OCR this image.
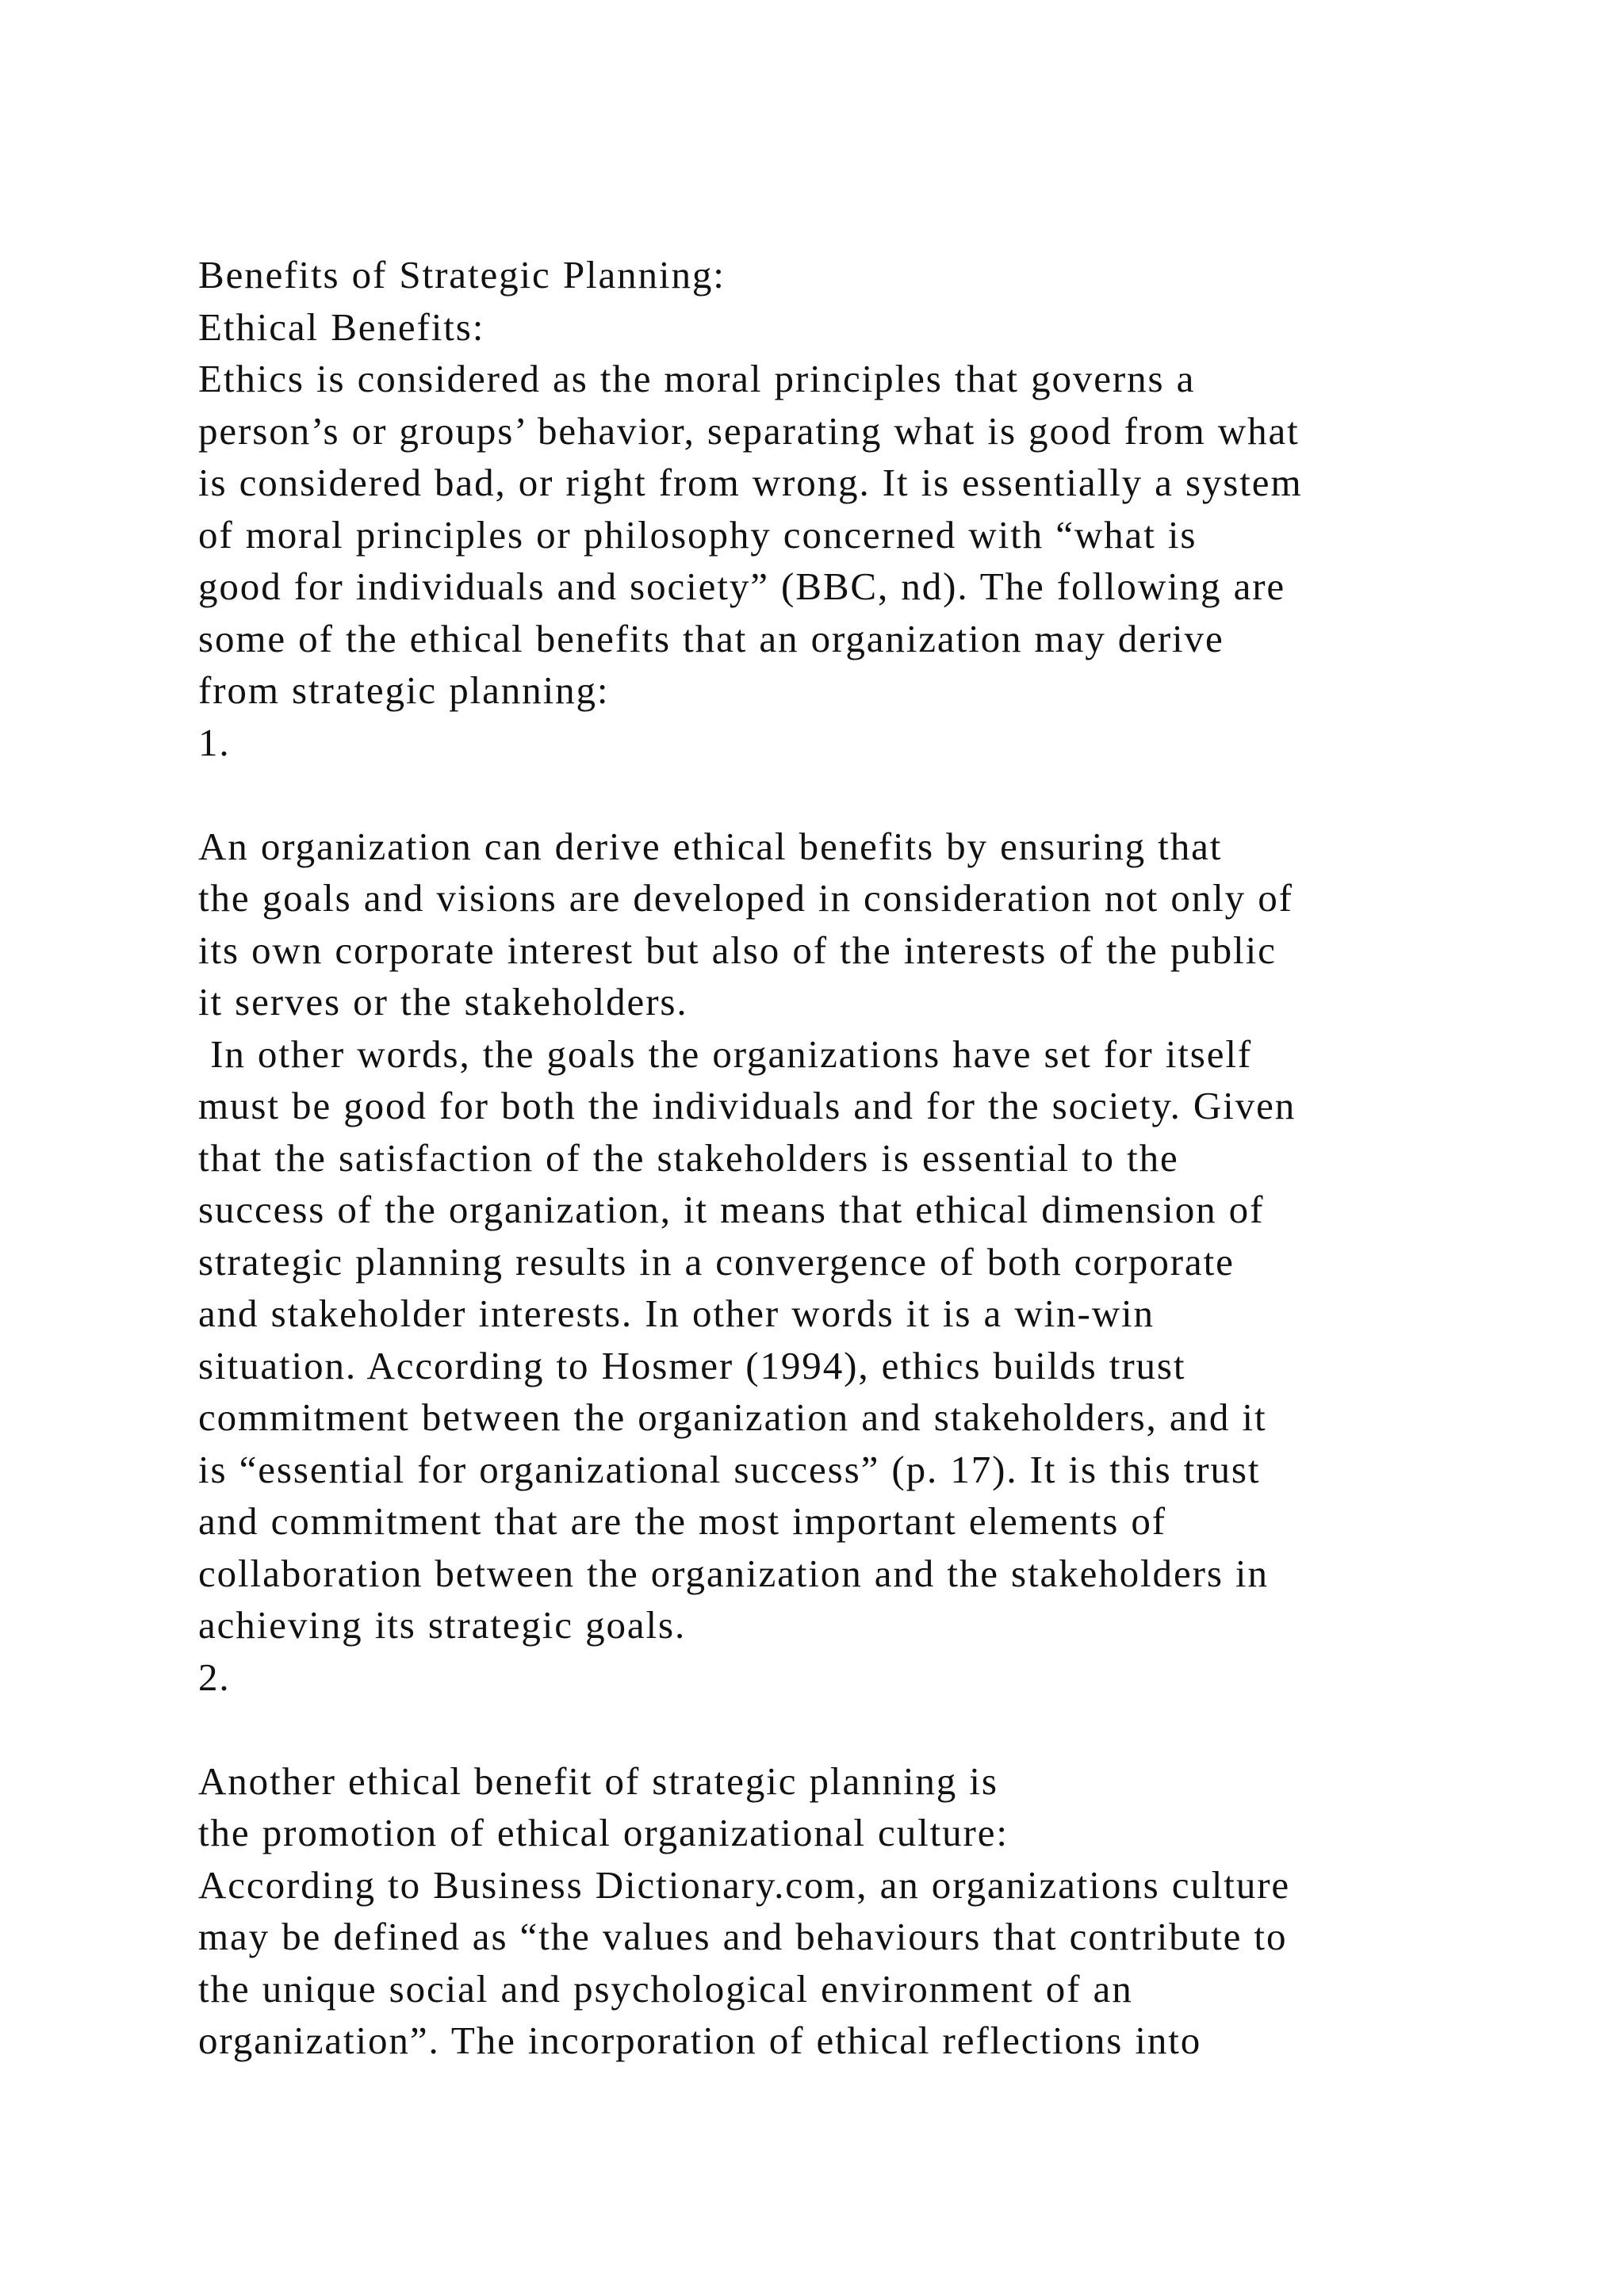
Benefits of Strategic Planning:
Ethical Benefits:
Ethics is considered as the moral principles that governs a
person’s or groups’ behavior, separating what is good from what
is considered bad, or right from wrong. It is essentially a system
of moral principles or philosophy concerned with “what is
good for individuals and society” (BBC, nd). The following are
some of the ethical benefits that an organization may derive
from strategic planning:
1.
An organization can derive ethical benefits by ensuring that
the goals and visions are developed in consideration not only of
its own corporate interest but also of the interests of the public
it serves or the stakeholders.
In other words, the goals the organizations have set for itself
must be good for both the individuals and for the society. Given
that the satisfaction of the stakeholders is essential to the
success of the organization, it means that ethical dimension of
strategic planning results in a convergence of both corporate
and stakeholder interests. In other words it is a win-win
situation. According to Hosmer (1994), ethics builds trust
commitment between the organization and stakeholders, and it
is “essential for organizational success” (p. 17). It is this trust
and commitment that are the most important elements of
collaboration between the organization and the stakeholders in
achieving its strategic goals.
2.
Another ethical benefit of strategic planning is
the promotion of ethical organizational culture:
According to Business Dictionary.com, an organizations culture
may be defined as “the values and behaviours that contribute to
the unique social and psychological environment of an
organization”. The incorporation of ethical reflections into
